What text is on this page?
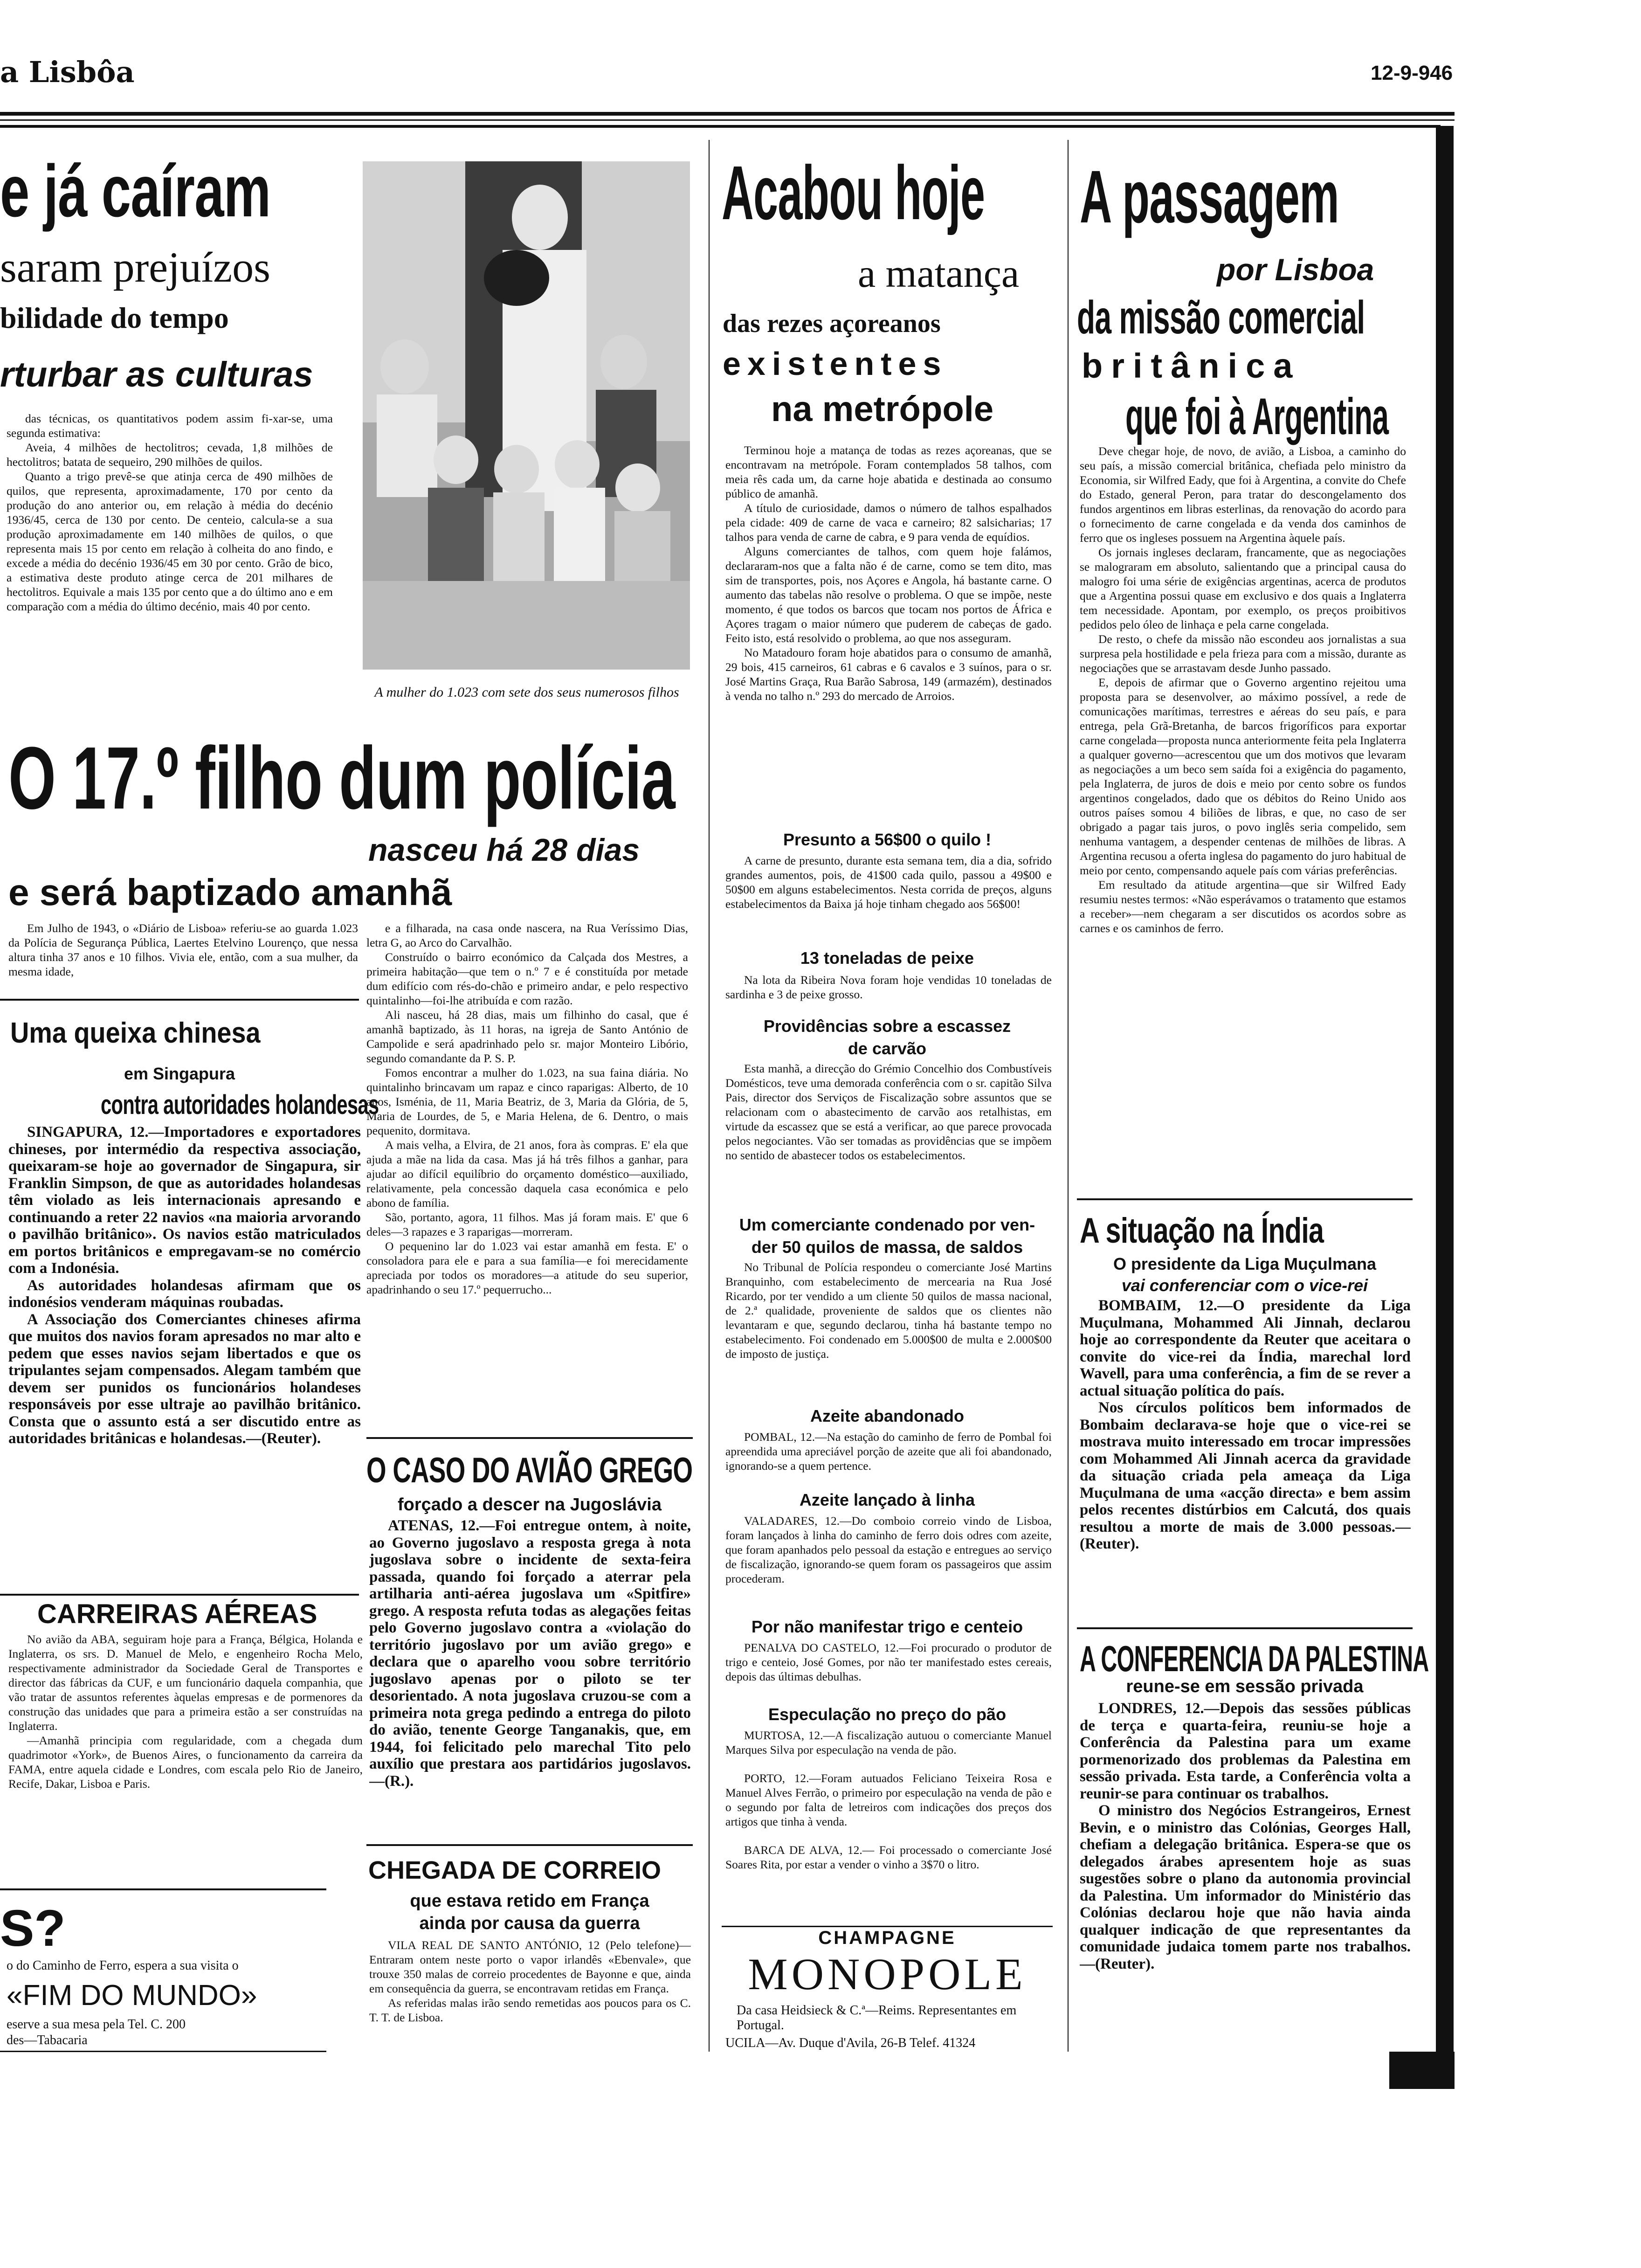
a Lisbôa	12-9-946
e já caíram
saram prejuízos
bilidade do tempo
rturbar as culturas

das técnicas, os quantitativos podem assim fi-xar-se, uma segunda estimativa:

Aveia, 4 milhões de hectolitros; cevada, 1,8 milhões de hectolitros; batata de sequeiro, 290 milhões de quilos.

Quanto a trigo prevê-se que atinja cerca de 490 milhões de quilos, que representa, aproximadamente, 170 por cento da produção do ano anterior ou, em relação à média do decénio 1936/45, cerca de 130 por cento. De centeio, calcula-se a sua produção aproximadamente em 140 milhões de quilos, o que representa mais 15 por cento em relação à colheita do ano findo, e excede a média do decénio 1936/45 em 30 por cento. Grão de bico, a estimativa deste produto atinge cerca de 201 milhares de hectolitros. Equivale a mais 135 por cento que a do último ano e em comparação com a média do último decénio, mais 40 por cento.

A mulher do 1.023 com sete dos seus numerosos filhos
O 17.º filho dum polícia
nasceu há 28 dias
e será baptizado amanhã

Em Julho de 1943, o «Diário de Lisboa» referiu-se ao guarda 1.023 da Polícia de Segurança Pública, Laertes Etelvino Lourenço, que nessa altura tinha 37 anos e 10 filhos. Vivia ele, então, com a sua mulher, da mesma idade,

e a filharada, na casa onde nascera, na Rua Veríssimo Dias, letra G, ao Arco do Carvalhão.

Construído o bairro económico da Calçada dos Mestres, a primeira habitação—que tem o n.º 7 e é constituída por metade dum edifício com rés-do-chão e primeiro andar, e pelo respectivo quintalinho—foi-lhe atribuída e com razão.

Ali nasceu, há 28 dias, mais um filhinho do casal, que é amanhã baptizado, às 11 horas, na igreja de Santo António de Campolide e será apadrinhado pelo sr. major Monteiro Libório, segundo comandante da P. S. P.

Fomos encontrar a mulher do 1.023, na sua faina diária. No quintalinho brincavam um rapaz e cinco raparigas: Alberto, de 10 anos, Isménia, de 11, Maria Beatriz, de 3, Maria da Glória, de 5, Maria de Lourdes, de 5, e Maria Helena, de 6. Dentro, o mais pequenito, dormitava.

A mais velha, a Elvira, de 21 anos, fora às compras. E' ela que ajuda a mãe na lida da casa. Mas já há três filhos a ganhar, para ajudar ao difícil equilíbrio do orçamento doméstico—auxiliado, relativamente, pela concessão daquela casa económica e pelo abono de família.

São, portanto, agora, 11 filhos. Mas já foram mais. E' que 6 deles—3 rapazes e 3 raparigas—morreram.

O pequenino lar do 1.023 vai estar amanhã em festa. E' o consoladora para ele e para a sua família—e foi merecidamente apreciada por todos os moradores—a atitude do seu superior, apadrinhando o seu 17.º pequerrucho...

Uma queixa chinesa
em Singapura
contra autoridades holandesas

SINGAPURA, 12.—Importadores e exportadores chineses, por intermédio da respectiva associação, queixaram-se hoje ao governador de Singapura, sir Franklin Simpson, de que as autoridades holandesas têm violado as leis internacionais apresando e continuando a reter 22 navios «na maioria arvorando o pavilhão britânico». Os navios estão matriculados em portos britânicos e empregavam-se no comércio com a Indonésia.

As autoridades holandesas afirmam que os indonésios venderam máquinas roubadas.

A Associação dos Comerciantes chineses afirma que muitos dos navios foram apresados no mar alto e pedem que esses navios sejam libertados e que os tripulantes sejam compensados. Alegam também que devem ser punidos os funcionários holandeses responsáveis por esse ultraje ao pavilhão britânico. Consta que o assunto está a ser discutido entre as autoridades britânicas e holandesas.—(Reuter).

CARREIRAS AÉREAS

No avião da ABA, seguiram hoje para a França, Bélgica, Holanda e Inglaterra, os srs. D. Manuel de Melo, e engenheiro Rocha Melo, respectivamente administrador da Sociedade Geral de Transportes e director das fábricas da CUF, e um funcionário daquela companhia, que vão tratar de assuntos referentes àquelas empresas e de pormenores da construção das unidades que para a primeira estão a ser construídas na Inglaterra.

—Amanhã principia com regularidade, com a chegada dum quadrimotor «York», de Buenos Aires, o funcionamento da carreira da FAMA, entre aquela cidade e Londres, com escala pelo Rio de Janeiro, Recife, Dakar, Lisboa e Paris.

S?
o do Caminho de Ferro, espera a sua visita o
«FIM DO MUNDO»
eserve a sua mesa pela Tel. C. 200
des—Tabacaria
O CASO DO AVIÃO GREGO
forçado a descer na Jugoslávia

ATENAS, 12.—Foi entregue ontem, à noite, ao Governo jugoslavo a resposta grega à nota jugoslava sobre o incidente de sexta-feira passada, quando foi forçado a aterrar pela artilharia anti-aérea jugoslava um «Spitfire» grego. A resposta refuta todas as alegações feitas pelo Governo jugoslavo contra a «violação do território jugoslavo por um avião grego» e declara que o aparelho voou sobre território jugoslavo apenas por o piloto se ter desorientado. A nota jugoslava cruzou-se com a primeira nota grega pedindo a entrega do piloto do avião, tenente George Tanganakis, que, em 1944, foi felicitado pelo marechal Tito pelo auxílio que prestara aos partidários jugoslavos.—(R.).

CHEGADA DE CORREIO
que estava retido em França
ainda por causa da guerra

VILA REAL DE SANTO ANTÓNIO, 12 (Pelo telefone)—Entraram ontem neste porto o vapor irlandês «Ebenvale», que trouxe 350 malas de correio procedentes de Bayonne e que, ainda em consequência da guerra, se encontravam retidas em França.

As referidas malas irão sendo remetidas aos poucos para os C. T. T. de Lisboa.

Acabou hoje
a matança
das rezes açoreanos
existentes
na metrópole

Terminou hoje a matança de todas as rezes açoreanas, que se encontravam na metrópole. Foram contemplados 58 talhos, com meia rês cada um, da carne hoje abatida e destinada ao consumo público de amanhã.

A título de curiosidade, damos o número de talhos espalhados pela cidade: 409 de carne de vaca e carneiro; 82 salsicharias; 17 talhos para venda de carne de cabra, e 9 para venda de equídios.

Alguns comerciantes de talhos, com quem hoje falámos, declararam-nos que a falta não é de carne, como se tem dito, mas sim de transportes, pois, nos Açores e Angola, há bastante carne. O aumento das tabelas não resolve o problema. O que se impõe, neste momento, é que todos os barcos que tocam nos portos de África e Açores tragam o maior número que puderem de cabeças de gado. Feito isto, está resolvido o problema, ao que nos asseguram.

No Matadouro foram hoje abatidos para o consumo de amanhã, 29 bois, 415 carneiros, 61 cabras e 6 cavalos e 3 suínos, para o sr. José Martins Graça, Rua Barão Sabrosa, 149 (armazém), destinados à venda no talho n.º 293 do mercado de Arroios.

Presunto a 56$00 o quilo !

A carne de presunto, durante esta semana tem, dia a dia, sofrido grandes aumentos, pois, de 41$00 cada quilo, passou a 49$00 e 50$00 em alguns estabelecimentos. Nesta corrida de preços, alguns estabelecimentos da Baixa já hoje tinham chegado aos 56$00!

13 toneladas de peixe

Na lota da Ribeira Nova foram hoje vendidas 10 toneladas de sardinha e 3 de peixe grosso.

Providências sobre a escassez
de carvão

Esta manhã, a direcção do Grémio Concelhio dos Combustíveis Domésticos, teve uma demorada conferência com o sr. capitão Silva Pais, director dos Serviços de Fiscalização sobre assuntos que se relacionam com o abastecimento de carvão aos retalhistas, em virtude da escassez que se está a verificar, ao que parece provocada pelos negociantes. Vão ser tomadas as providências que se impõem no sentido de abastecer todos os estabelecimentos.

Um comerciante condenado por ven-
der 50 quilos de massa, de saldos

No Tribunal de Polícia respondeu o comerciante José Martins Branquinho, com estabelecimento de mercearia na Rua José Ricardo, por ter vendido a um cliente 50 quilos de massa nacional, de 2.ª qualidade, proveniente de saldos que os clientes não levantaram e que, segundo declarou, tinha há bastante tempo no estabelecimento. Foi condenado em 5.000$00 de multa e 2.000$00 de imposto de justiça.

Azeite abandonado

POMBAL, 12.—Na estação do caminho de ferro de Pombal foi apreendida uma apreciável porção de azeite que ali foi abandonado, ignorando-se a quem pertence.

Azeite lançado à linha

VALADARES, 12.—Do comboio correio vindo de Lisboa, foram lançados à linha do caminho de ferro dois odres com azeite, que foram apanhados pelo pessoal da estação e entregues ao serviço de fiscalização, ignorando-se quem foram os passageiros que assim procederam.

Por não manifestar trigo e centeio

PENALVA DO CASTELO, 12.—Foi procurado o produtor de trigo e centeio, José Gomes, por não ter manifestado estes cereais, depois das últimas debulhas.

Especulação no preço do pão

MURTOSA, 12.—A fiscalização autuou o comerciante Manuel Marques Silva por especulação na venda de pão.

PORTO, 12.—Foram autuados Feliciano Teixeira Rosa e Manuel Alves Ferrão, o primeiro por especulação na venda de pão e o segundo por falta de letreiros com indicações dos preços dos artigos que tinha à venda.

BARCA DE ALVA, 12.— Foi processado o comerciante José Soares Rita, por estar a vender o vinho a 3$70 o litro.

CHAMPAGNE
MONOPOLE
Da casa Heidsieck & C.ª—Reims. Representantes em Portugal.
UCILA—Av. Duque d'Avila, 26-B Telef. 41324
A passagem
por Lisboa
da missão comercial
britânica
que foi à Argentina

Deve chegar hoje, de novo, de avião, a Lisboa, a caminho do seu país, a missão comercial britânica, chefiada pelo ministro da Economia, sir Wilfred Eady, que foi à Argentina, a convite do Chefe do Estado, general Peron, para tratar do descongelamento dos fundos argentinos em libras esterlinas, da renovação do acordo para o fornecimento de carne congelada e da venda dos caminhos de ferro que os ingleses possuem na Argentina àquele país.

Os jornais ingleses declaram, francamente, que as negociações se malograram em absoluto, salientando que a principal causa do malogro foi uma série de exigências argentinas, acerca de produtos que a Argentina possui quase em exclusivo e dos quais a Inglaterra tem necessidade. Apontam, por exemplo, os preços proibitivos pedidos pelo óleo de linhaça e pela carne congelada.

De resto, o chefe da missão não escondeu aos jornalistas a sua surpresa pela hostilidade e pela frieza para com a missão, durante as negociações que se arrastavam desde Junho passado.

E, depois de afirmar que o Governo argentino rejeitou uma proposta para se desenvolver, ao máximo possível, a rede de comunicações marítimas, terrestres e aéreas do seu país, e para entrega, pela Grã-Bretanha, de barcos frigoríficos para exportar carne congelada—proposta nunca anteriormente feita pela Inglaterra a qualquer governo—acrescentou que um dos motivos que levaram as negociações a um beco sem saída foi a exigência do pagamento, pela Inglaterra, de juros de dois e meio por cento sobre os fundos argentinos congelados, dado que os débitos do Reino Unido aos outros países somou 4 biliões de libras, e que, no caso de ser obrigado a pagar tais juros, o povo inglês seria compelido, sem nenhuma vantagem, a despender centenas de milhões de libras. A Argentina recusou a oferta inglesa do pagamento do juro habitual de meio por cento, compensando aquele país com várias preferências.

Em resultado da atitude argentina—que sir Wilfred Eady resumiu nestes termos: «Não esperávamos o tratamento que estamos a receber»—nem chegaram a ser discutidos os acordos sobre as carnes e os caminhos de ferro.

A situação na Índia
O presidente da Liga Muçulmana
vai conferenciar com o vice-rei

BOMBAIM, 12.—O presidente da Liga Muçulmana, Mohammed Ali Jinnah, declarou hoje ao correspondente da Reuter que aceitara o convite do vice-rei da Índia, marechal lord Wavell, para uma conferência, a fim de se rever a actual situação política do país.

Nos círculos políticos bem informados de Bombaim declarava-se hoje que o vice-rei se mostrava muito interessado em trocar impressões com Mohammed Ali Jinnah acerca da gravidade da situação criada pela ameaça da Liga Muçulmana de uma «acção directa» e bem assim pelos recentes distúrbios em Calcutá, dos quais resultou a morte de mais de 3.000 pessoas.—(Reuter).

A CONFERENCIA DA PALESTINA
reune-se em sessão privada

LONDRES, 12.—Depois das sessões públicas de terça e quarta-feira, reuniu-se hoje a Conferência da Palestina para um exame pormenorizado dos problemas da Palestina em sessão privada. Esta tarde, a Conferência volta a reunir-se para continuar os trabalhos.

O ministro dos Negócios Estrangeiros, Ernest Bevin, e o ministro das Colónias, Georges Hall, chefiam a delegação britânica. Espera-se que os delegados árabes apresentem hoje as suas sugestões sobre o plano da autonomia provincial da Palestina. Um informador do Ministério das Colónias declarou hoje que não havia ainda qualquer indicação de que representantes da comunidade judaica tomem parte nos trabalhos.—(Reuter).
